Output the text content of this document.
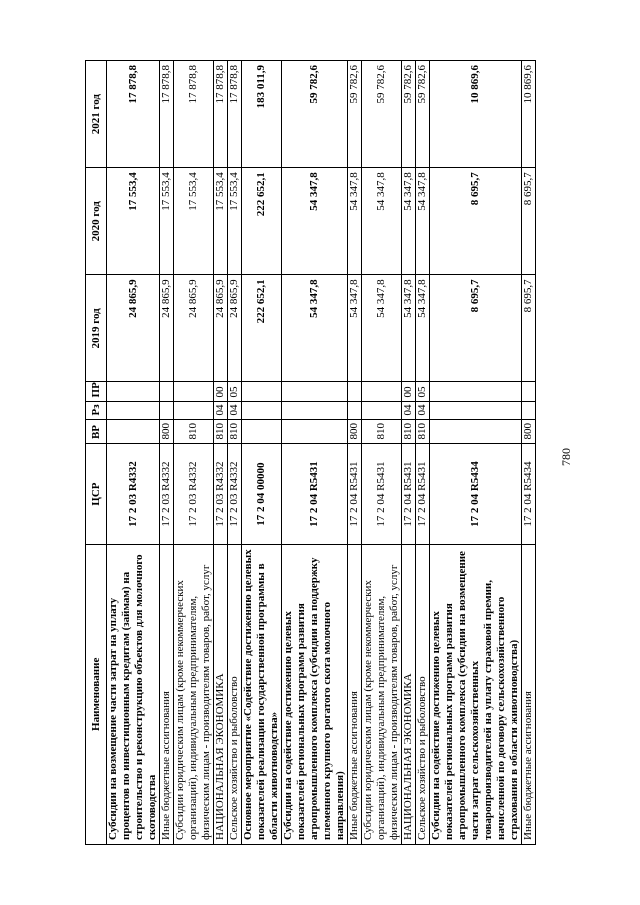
780
Наименование	ЦСР	ВР	Рз	ПР	2019 год	2020 год	2021 год
Субсидии на возмещение части затрат на уплату процентов по инвестиционным кредитам (займам) на строительство и реконструкцию объектов для молочного скотоводства	17 2 03 R4332				24 865,9	17 553,4	17 878,8
Иные бюджетные ассигнования	17 2 03 R4332	800			24 865,9	17 553,4	17 878,8
Субсидии юридическим лицам (кроме некоммерческих организаций), индивидуальным предпринимателям, физическим лицам - производителям товаров, работ, услуг	17 2 03 R4332	810			24 865,9	17 553,4	17 878,8
НАЦИОНАЛЬНАЯ ЭКОНОМИКА	17 2 03 R4332	810	04	00	24 865,9	17 553,4	17 878,8
Сельское хозяйство и рыболовство	17 2 03 R4332	810	04	05	24 865,9	17 553,4	17 878,8
Основное мероприятие «Содействие достижению целевых показателей реализации государственной программы в области животноводства»	17 2 04 00000				222 652,1	222 652,1	183 011,9
Субсидии на содействие достижению целевых показателей региональных программ развития агропромышленного комплекса (субсидии на поддержку племенного крупного рогатого скота молочного направления)	17 2 04 R5431				54 347,8	54 347,8	59 782,6
Иные бюджетные ассигнования	17 2 04 R5431	800			54 347,8	54 347,8	59 782,6
Субсидии юридическим лицам (кроме некоммерческих организаций), индивидуальным предпринимателям, физическим лицам - производителям товаров, работ, услуг	17 2 04 R5431	810			54 347,8	54 347,8	59 782,6
НАЦИОНАЛЬНАЯ ЭКОНОМИКА	17 2 04 R5431	810	04	00	54 347,8	54 347,8	59 782,6
Сельское хозяйство и рыболовство	17 2 04 R5431	810	04	05	54 347,8	54 347,8	59 782,6
Субсидии на содействие достижению целевых показателей региональных программ развития агропромышленного комплекса (субсидии на возмещение части затрат сельскохозяйственных товаропроизводителей на уплату страховой премии, начисленной по договору сельскохозяйственного страхования в области животноводства)	17 2 04 R5434				8 695,7	8 695,7	10 869,6
Иные бюджетные ассигнования	17 2 04 R5434	800			8 695,7	8 695,7	10 869,6
